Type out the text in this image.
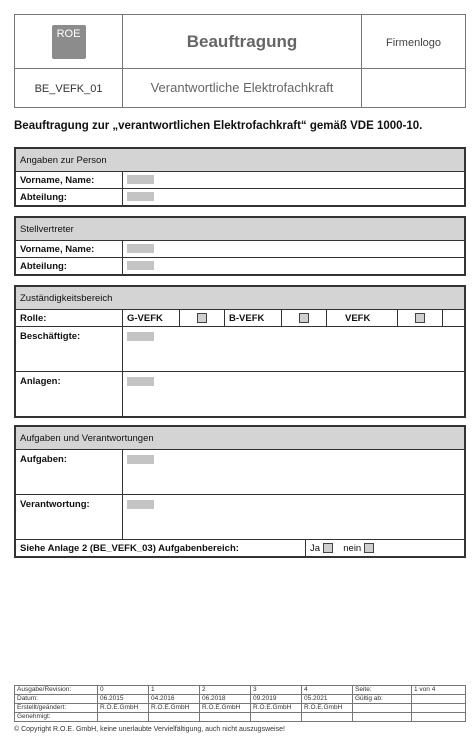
ROE	Beauftragung	Firmenlogo
BE_VEFK_01	Verantwortliche Elektrofachkraft	
Beauftragung zur „verantwortlichen Elektrofachkraft“ gemäß VDE 1000-10.
Angaben zur Person	
Vorname, Name:	
Abteilung:	
Stellvertreter	
Vorname, Name:	
Abteilung:	
Zuständigkeitsbereich							
Rolle:	G-VEFK		B-VEFK		VEFK		
Beschäftigte:							
Anlagen:							
Aufgaben und Verantwortungen		
Aufgaben:		
Verantwortung:		
Siehe Anlage 2 (BE_VEFK_03) Aufgabenbereich:		Ja nein
Ausgabe/Revision:	0	1	2	3	4	Seite:	1 von 4
Datum:	06.2015	04.2016	06.2018	09.2019	05.2021	Gültig ab:	
Erstellt/geändert:	R.O.E.GmbH	R.O.E.GmbH	R.O.E.GmbH	R.O.E.GmbH	R.O.E.GmbH		
Genehmigt:							
© Copyright R.O.E. GmbH, keine unerlaubte Vervielfältigung, auch nicht auszugsweise!
